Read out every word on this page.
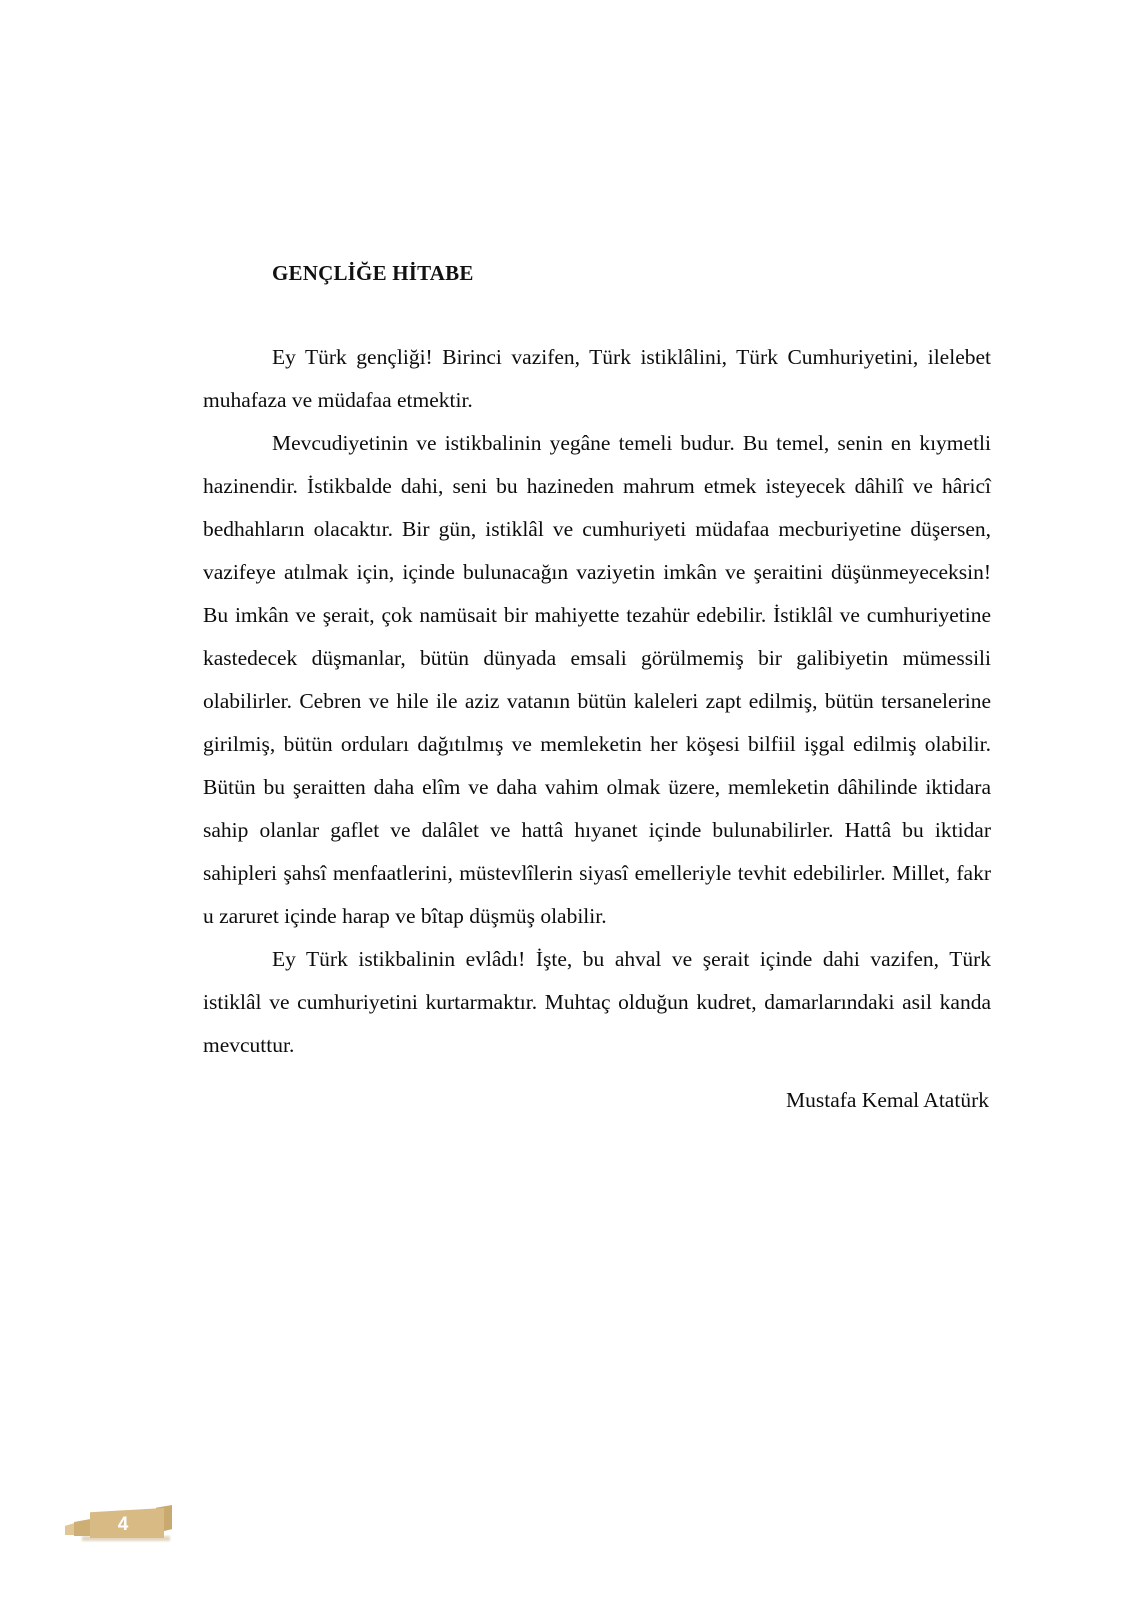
GENÇLİĞE HİTABE

Ey Türk gençliği! Birinci vazifen, Türk istiklâlini, Türk Cumhuriyetini, ilelebet muhafaza ve müdafaa etmektir.

Mevcudiyetinin ve istikbalinin yegâne temeli budur. Bu temel, senin en kıymetli hazinendir. İstikbalde dahi, seni bu hazineden mahrum etmek isteyecek dâhilî ve hâricî bedhahların olacaktır. Bir gün, istiklâl ve cumhuriyeti müdafaa mecburiyetine düşersen, vazifeye atılmak için, içinde bulunacağın vaziyetin imkân ve şeraitini düşünmeyeceksin! Bu imkân ve şerait, çok namüsait bir mahiyette tezahür edebilir. İstiklâl ve cumhuriyetine kastedecek düşmanlar, bütün dünyada emsali görülmemiş bir galibiyetin mümessili olabilirler. Cebren ve hile ile aziz vatanın bütün kaleleri zapt edilmiş, bütün tersanelerine girilmiş, bütün orduları dağıtılmış ve memleketin her köşesi bilfiil işgal edilmiş olabilir. Bütün bu şeraitten daha elîm ve daha vahim olmak üzere, memleketin dâhilinde iktidara sahip olanlar gaflet ve dalâlet ve hattâ hıyanet içinde bulunabilirler. Hattâ bu iktidar sahipleri şahsî menfaatlerini, müstevlîlerin siyasî emelleriyle tevhit edebilirler. Millet, fakr u zaruret içinde harap ve bîtap düşmüş olabilir.

Ey Türk istikbalinin evlâdı! İşte, bu ahval ve şerait içinde dahi vazifen, Türk istiklâl ve cumhuriyetini kurtarmaktır. Muhtaç olduğun kudret, damarlarındaki asil kanda mevcuttur.

Mustafa Kemal Atatürk
4
